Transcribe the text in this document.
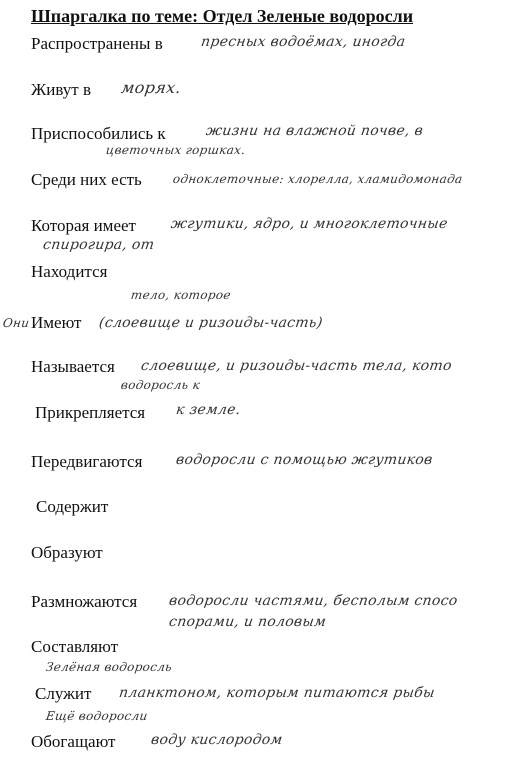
Шпаргалка по теме: Отдел Зеленые водоросли
Распространены в	пресных водоёмах, иногда
Живут в морях.
Приспособились к	жизни на влажной почве, в
цветочных горшках.
Среди них есть	одноклеточные: хлорелла, хламидомонада
Которая имеет жгутики, ядро, и многоклеточные
спирогира, от
тело, которое
Находится
Они Имеют (слоевище и ризоиды-часть)
Называется слоевище, и ризоиды-часть тела, кото
водоросль к
Прикрепляется к земле.
Передвигаются водоросли с помощью жгутиков
Содержит
Образуют
Размножаются водоросли частями, бесполым спосо
спорами, и половым
Составляют
Зелёная водоросль
Служит планктоном, которым питаются рыбы
Ещё водоросли
Обогащают воду кислородом
